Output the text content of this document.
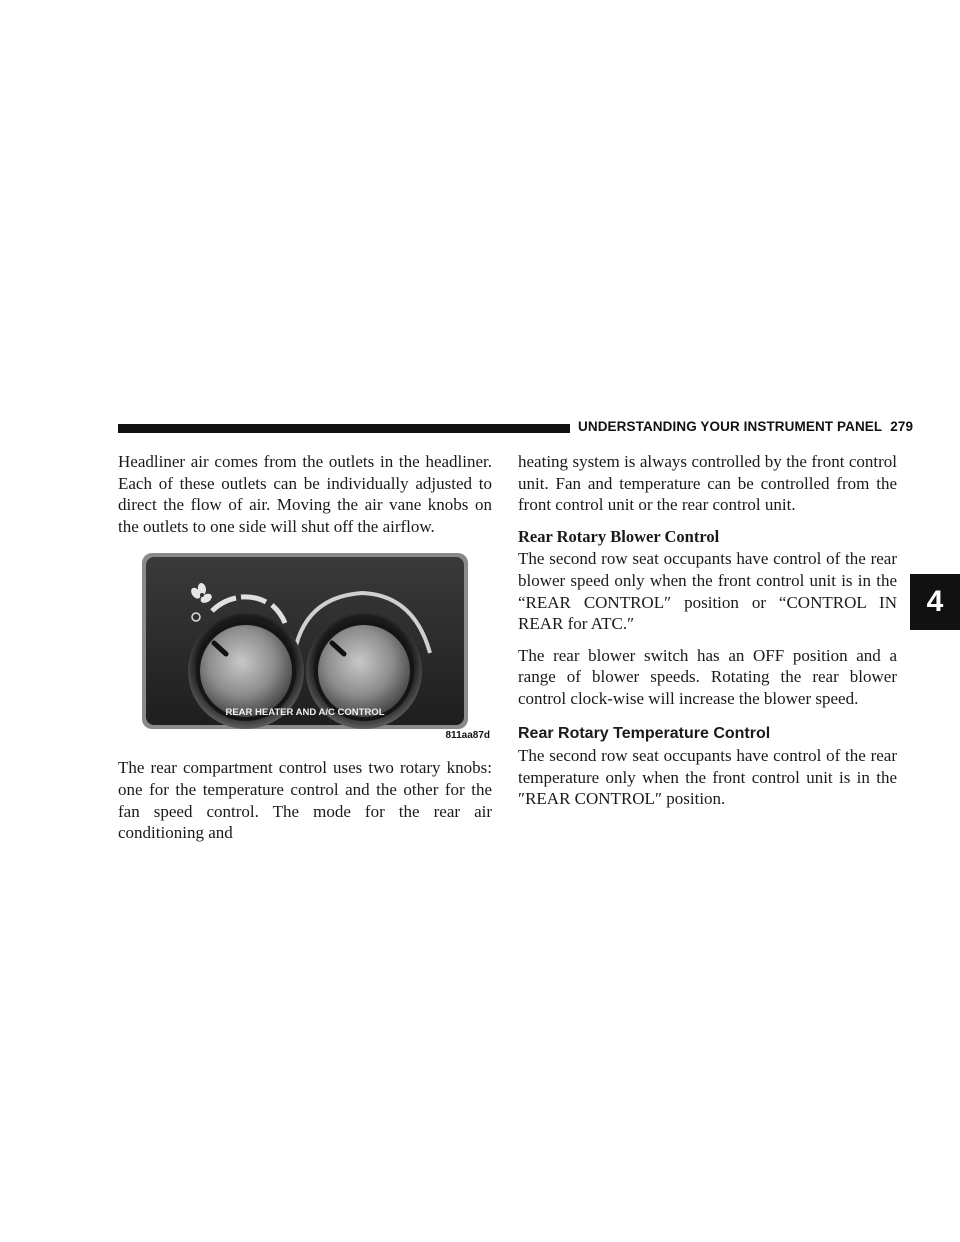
UNDERSTANDING YOUR INSTRUMENT PANEL 279
4

Headliner air comes from the outlets in the headliner. Each of these outlets can be individually adjusted to direct the flow of air. Moving the air vane knobs on the outlets to one side will shut off the airflow.

REAR HEATER AND A/C CONTROL
811aa87d

The rear compartment control uses two rotary knobs: one for the temperature control and the other for the fan speed control. The mode for the rear air conditioning and

heating system is always controlled by the front control unit. Fan and temperature can be controlled from the front control unit or the rear control unit.

Rear Rotary Blower Control

The second row seat occupants have control of the rear blower speed only when the front control unit is in the “REAR CONTROL″ position or “CONTROL IN REAR for ATC.″

The rear blower switch has an OFF position and a range of blower speeds. Rotating the rear blower control clock-wise will increase the blower speed.

Rear Rotary Temperature Control

The second row seat occupants have control of the rear temperature only when the front control unit is in the ″REAR CONTROL″ position.
